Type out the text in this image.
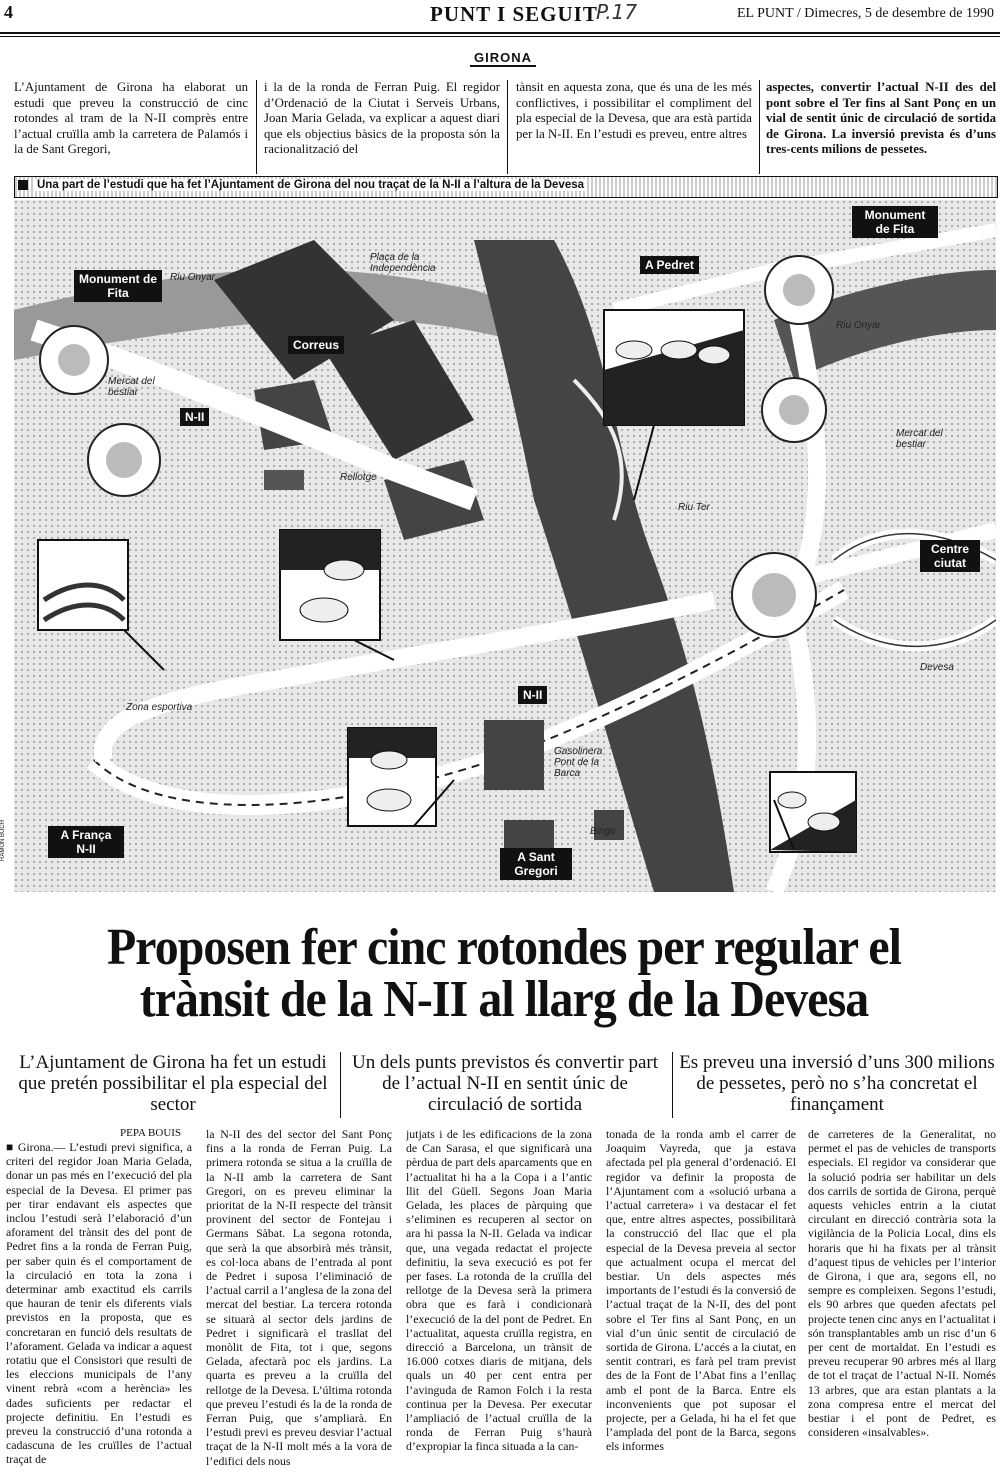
4	PUNT I SEGUIT
P.17	EL PUNT / Dimecres, 5 de desembre de 1990
GIRONA
L’Ajuntament de Girona ha elaborat un estudi que preveu la construcció de cinc rotondes al tram de la N-II comprès entre l’actual cruïlla amb la carretera de Palamós i la de Sant Gregori,
i la de la ronda de Ferran Puig. El regidor d’Ordenació de la Ciutat i Serveis Urbans, Joan Maria Gelada, va explicar a aquest diari que els objectius bàsics de la proposta són la racionalització del
tànsit en aquesta zona, que és una de les més conflictives, i possibilitar el compliment del pla especial de la Devesa, que ara està partida per la N-II. En l’estudi es preveu, entre altres
aspectes, convertir l’actual N-II des del pont sobre el Ter fins al Sant Ponç en un vial de sentit únic de circulació de sortida de Girona. La inversió prevista és d’uns tres-cents milions de pessetes.
Una part de l’estudi que ha fet l’Ajuntament de Girona del nou traçat de la N-II a l’altura de la Devesa
Monument de Fita
Monument de Fita
Correus
N-II
A Pedret
Centre ciutat
N-II
A França N-II
A Sant Gregori
Plaça de la Independència
Riu Onyar
Riu Onyar
Mercat del bestiar
Mercat del bestiar
Rellotge
Riu Ter
Devesa
Zona esportiva
Gasolinera Pont de la Barca
Bingo
RAMON BUCH
Proposen fer cinc rotondes per regular el trànsit de la N-II al llarg de la Devesa
L’Ajuntament de Girona ha fet un estudi que pretén possibilitar el pla especial del sector
Un dels punts previstos és convertir part de l’actual N-II en sentit únic de circulació de sortida
Es preveu una inversió d’uns 300 milions de pessetes, però no s’ha concretat el finançament
PEPA BOUIS
■ Girona.— L’estudi previ significa, a criteri del regidor Joan Maria Gelada, donar un pas més en l’execució del pla especial de la Devesa. El primer pas per tirar endavant els aspectes que inclou l’estudi serà l’elaboració d’un aforament del trànsit des del pont de Pedret fins a la ronda de Ferran Puig, per saber quin és el comportament de la circulació en tota la zona i determinar amb exactitud els carrils que hauran de tenir els diferents vials previstos en la proposta, que es concretaran en funció dels resultats de l’aforament. Gelada va indicar a aquest rotatiu que el Consistori que resulti de les eleccions municipals de l’any vinent rebrà «com a herència» les dades suficients per redactar el projecte definitiu. En l’estudi es preveu la construcció d’una rotonda a cadascuna de les cruïlles de l’actual traçat de
la N-II des del sector del Sant Ponç fins a la ronda de Ferran Puig. La primera rotonda se situa a la cruïlla de la N-II amb la carretera de Sant Gregori, on es preveu eliminar la prioritat de la N-II respecte del trànsit provinent del sector de Fontejau i Germans Sàbat. La segona rotonda, que serà la que absorbirà més trànsit, es col·loca abans de l’entrada al pont de Pedret i suposa l’eliminació de l’actual carril a l’anglesa de la zona del mercat del bestiar. La tercera rotonda se situarà al sector dels jardins de Pedret i significarà el trasllat del monòlit de Fita, tot i que, segons Gelada, afectarà poc els jardins. La quarta es preveu a la cruïlla del rellotge de la Devesa. L’última rotonda que preveu l’estudi és la de la ronda de Ferran Puig, que s’ampliarà. En l’estudi previ es preveu desviar l’actual traçat de la N-II molt més a la vora de l’edifici dels nous
jutjats i de les edificacions de la zona de Can Sarasa, el que significarà una pèrdua de part dels aparcaments que en l’actualitat hi ha a la Copa i a l’antic llit del Güell. Segons Joan Maria Gelada, les places de pàrquing que s’eliminen es recuperen al sector on ara hi passa la N-II. Gelada va indicar que, una vegada redactat el projecte definitiu, la seva execució es pot fer per fases. La rotonda de la cruïlla del rellotge de la Devesa serà la primera obra que es farà i condicionarà l’execució de la del pont de Pedret. En l’actualitat, aquesta cruïlla registra, en direcció a Barcelona, un trànsit de 16.000 cotxes diaris de mitjana, dels quals un 40 per cent entra per l’avinguda de Ramon Folch i la resta continua per la Devesa. Per executar l’ampliació de l’actual cruïlla de la ronda de Ferran Puig s’haurà d’expropiar la finca situada a la can-
tonada de la ronda amb el carrer de Joaquim Vayreda, que ja estava afectada pel pla general d’ordenació. El regidor va definir la proposta de l’Ajuntament com a «solució urbana a l’actual carretera» i va destacar el fet que, entre altres aspectes, possibilitarà la construcció del llac que el pla especial de la Devesa preveia al sector que actualment ocupa el mercat del bestiar. Un dels aspectes més importants de l’estudi és la conversió de l’actual traçat de la N-II, des del pont sobre el Ter fins al Sant Ponç, en un vial d’un únic sentit de circulació de sortida de Girona. L’accés a la ciutat, en sentit contrari, es farà pel tram previst des de la Font de l’Abat fins a l’enllaç amb el pont de la Barca. Entre els inconvenients que pot suposar el projecte, per a Gelada, hi ha el fet que l’amplada del pont de la Barca, segons els informes
de carreteres de la Generalitat, no permet el pas de vehicles de transports especials. El regidor va considerar que la solució podria ser habilitar un dels dos carrils de sortida de Girona, perquè aquests vehicles entrin a la ciutat circulant en direcció contrària sota la vigilància de la Policia Local, dins els horaris que hi ha fixats per al trànsit d’aquest tipus de vehicles per l’interior de Girona, i que ara, segons ell, no sempre es compleixen. Segons l’estudi, els 90 arbres que queden afectats pel projecte tenen cinc anys en l’actualitat i són transplantables amb un risc d’un 6 per cent de mortaldat. En l’estudi es preveu recuperar 90 arbres més al llarg de tot el traçat de l’actual N-II. Només 13 arbres, que ara estan plantats a la zona compresa entre el mercat del bestiar i el pont de Pedret, es consideren «insalvables».
